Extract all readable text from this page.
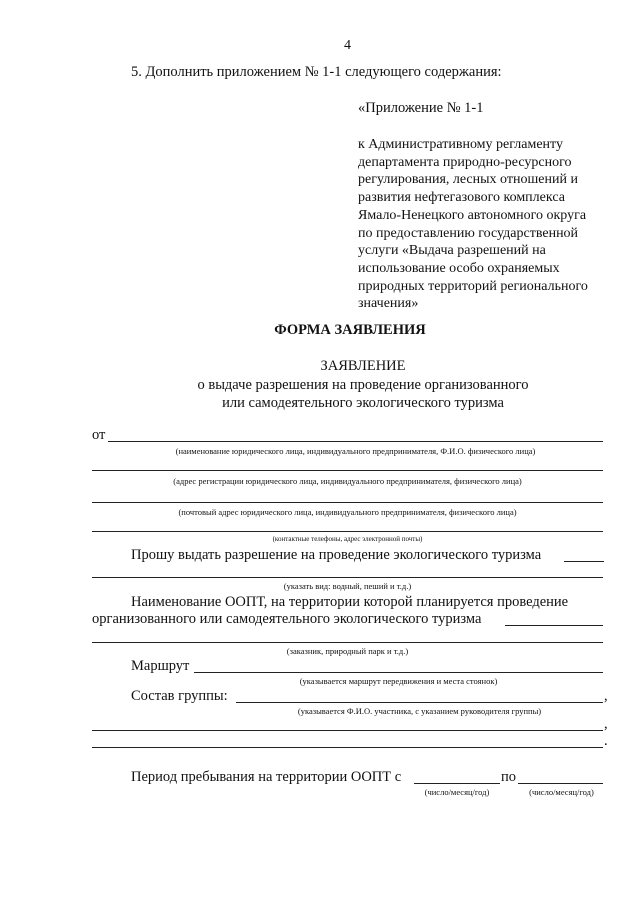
4
5. Дополнить приложением № 1-1 следующего содержания:
«Приложение № 1-1
к Административному регламенту
департамента природно-ресурсного
регулирования, лесных отношений и
развития нефтегазового комплекса
Ямало-Ненецкого автономного округа
по предоставлению государственной
услуги «Выдача разрешений на
использование особо охраняемых
природных территорий регионального
значения»
ФОРМА ЗАЯВЛЕНИЯ
ЗАЯВЛЕНИЕ
о выдаче разрешения на проведение организованного
или самодеятельного экологического туризма
от
(наименование юридического лица, индивидуального предпринимателя, Ф.И.О. физического лица)
(адрес регистрации юридического лица, индивидуального предпринимателя, физического лица)
(почтовый адрес юридического лица, индивидуального предпринимателя, физического лица)
(контактные телефоны, адрес электронной почты)
Прошу выдать разрешение на проведение экологического туризма
(указать вид: водный, пеший и т.д.)
Наименование ООПТ, на территории которой планируется проведение
организованного или самодеятельного экологического туризма
(заказник, природный парк и т.д.)
Маршрут
(указывается маршрут передвижения и места стоянок)
Состав группы:	,
(указывается Ф.И.О. участника, с указанием руководителя группы)
,
.
Период пребывания на территории ООПТ с	по
(число/месяц/год)	(число/месяц/год)
